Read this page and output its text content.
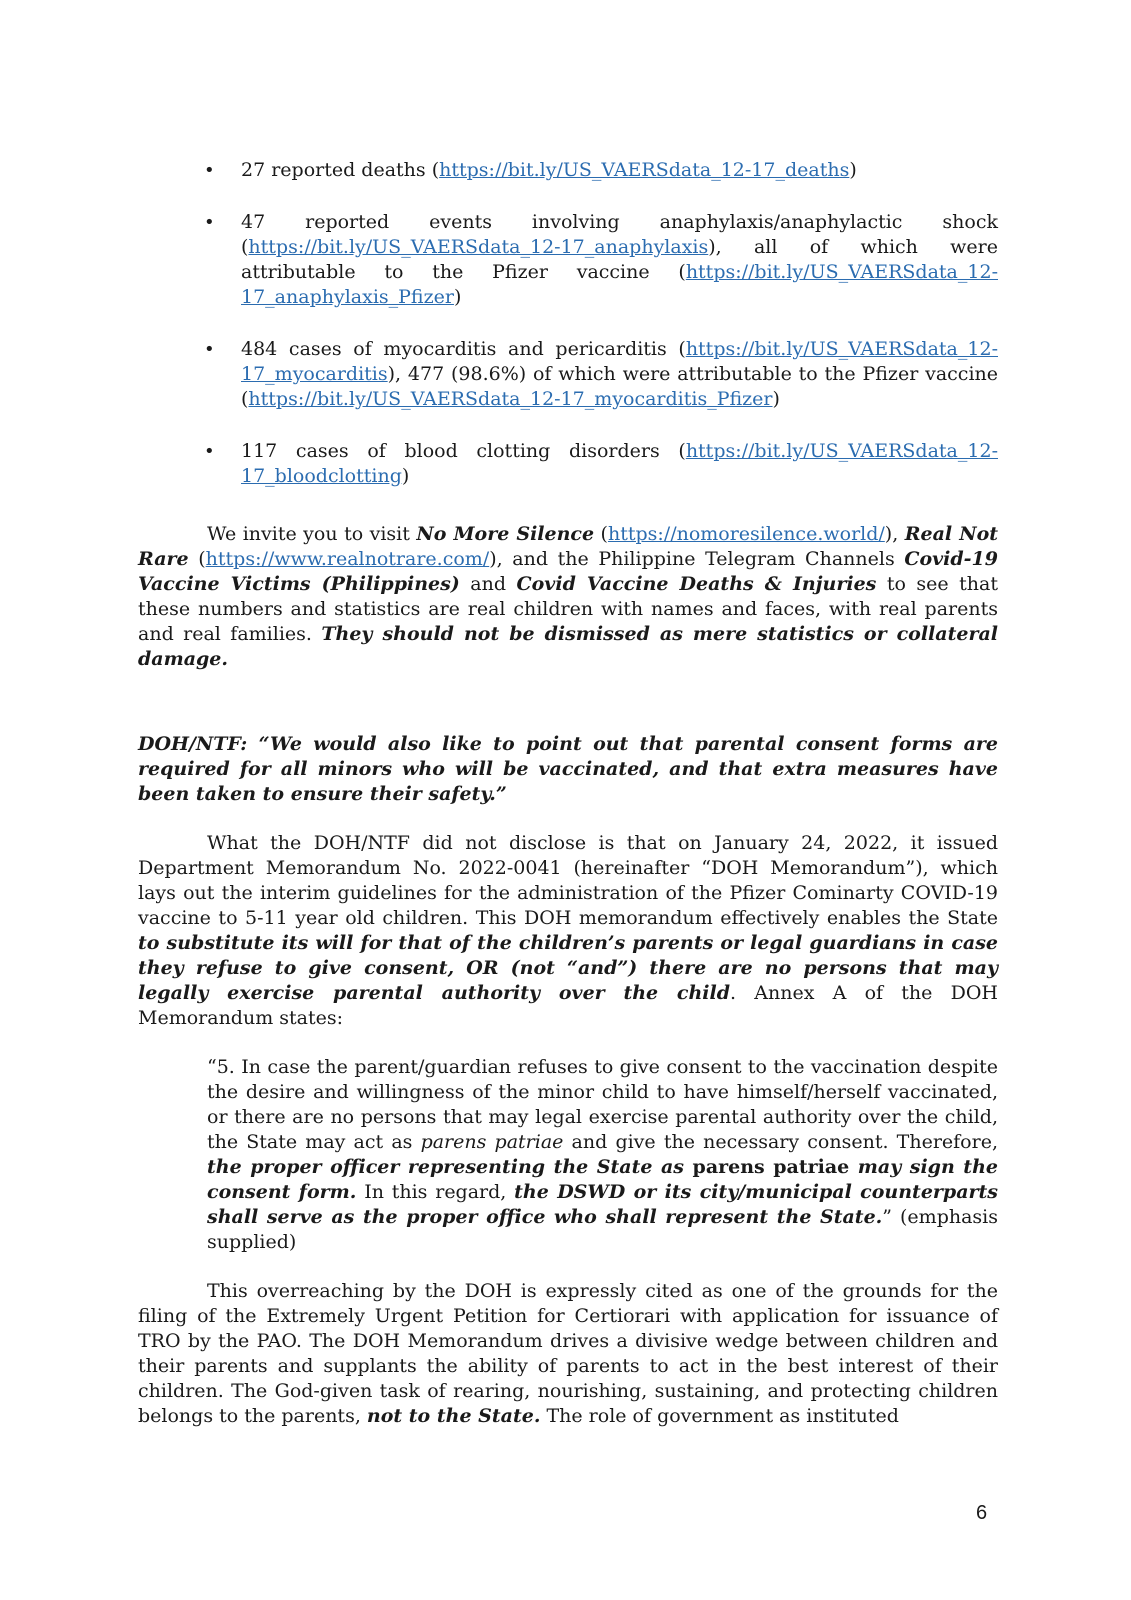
• 27 reported deaths (https://bit.ly/US_VAERSdata_12-17_deaths)
• 47 reported events involving anaphylaxis/anaphylactic shock (https://bit.ly/US_VAERSdata_12-17_anaphylaxis), all of which were attributable to the Pfizer vaccine (https://bit.ly/US_VAERSdata_12-17_anaphylaxis_Pfizer)
• 484 cases of myocarditis and pericarditis (https://bit.ly/US_VAERSdata_12-17_myocarditis), 477 (98.6%) of which were attributable to the Pfizer vaccine (https://bit.ly/US_VAERSdata_12-17_myocarditis_Pfizer)
• 117 cases of blood clotting disorders (https://bit.ly/US_VAERSdata_12-17_bloodclotting)

We invite you to visit No More Silence (https://nomoresilence.world/), Real Not Rare (https://www.realnotrare.com/), and the Philippine Telegram Channels Covid-19 Vaccine Victims (Philippines) and Covid Vaccine Deaths & Injuries to see that these numbers and statistics are real children with names and faces, with real parents and real families. They should not be dismissed as mere statistics or collateral damage.

DOH/NTF: “We would also like to point out that parental consent forms are required for all minors who will be vaccinated, and that extra measures have been taken to ensure their safety.”

What the DOH/NTF did not disclose is that on January 24, 2022, it issued Department Memorandum No. 2022-0041 (hereinafter “DOH Memorandum”), which lays out the interim guidelines for the administration of the Pfizer Cominarty COVID-19 vaccine to 5-11 year old children. This DOH memorandum effectively enables the State to substitute its will for that of the children’s parents or legal guardians in case they refuse to give consent, OR (not “and”) there are no persons that may legally exercise parental authority over the child. Annex A of the DOH Memorandum states:

“5. In case the parent/guardian refuses to give consent to the vaccination despite the desire and willingness of the minor child to have himself/herself vaccinated, or there are no persons that may legal exercise parental authority over the child, the State may act as parens patriae and give the necessary consent. Therefore, the proper officer representing the State as parens patriae may sign the consent form. In this regard, the DSWD or its city/municipal counterparts shall serve as the proper office who shall represent the State.” (emphasis supplied)

This overreaching by the DOH is expressly cited as one of the grounds for the filing of the Extremely Urgent Petition for Certiorari with application for issuance of TRO by the PAO. The DOH Memorandum drives a divisive wedge between children and their parents and supplants the ability of parents to act in the best interest of their children. The God-given task of rearing, nourishing, sustaining, and protecting children belongs to the parents, not to the State. The role of government as instituted

6
